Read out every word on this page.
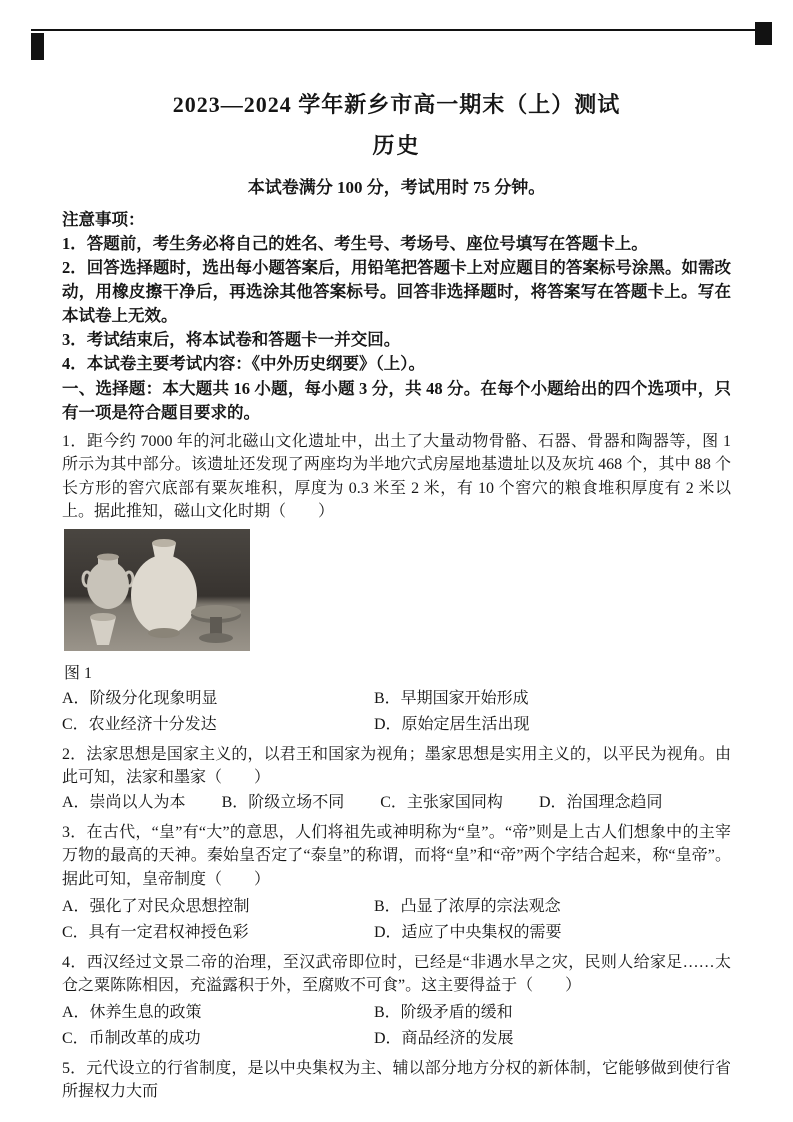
2023—2024 学年新乡市高一期末（上）测试
历史

本试卷满分 100 分，考试用时 75 分钟。

注意事项：

1．答题前，考生务必将自己的姓名、考生号、考场号、座位号填写在答题卡上。

2．回答选择题时，选出每小题答案后，用铅笔把答题卡上对应题目的答案标号涂黑。如需改动，用橡皮擦干净后，再选涂其他答案标号。回答非选择题时，将答案写在答题卡上。写在本试卷上无效。

3．考试结束后，将本试卷和答题卡一并交回。

4．本试卷主要考试内容：《中外历史纲要》（上）。

一、选择题：本大题共 16 小题，每小题 3 分，共 48 分。在每个小题给出的四个选项中，只有一项是符合题目要求的。

1．距今约 7000 年的河北磁山文化遗址中，出土了大量动物骨骼、石器、骨器和陶器等，图 1 所示为其中部分。该遗址还发现了两座均为半地穴式房屋地基遗址以及灰坑 468 个，其中 88 个长方形的窖穴底部有粟灰堆积，厚度为 0.3 米至 2 米，有 10 个窖穴的粮食堆积厚度有 2 米以上。据此推知，磁山文化时期（　　）

图 1

A．阶级分化现象明显	B．早期国家开始形成
C．农业经济十分发达	D．原始定居生活出现

2．法家思想是国家主义的，以君王和国家为视角；墨家思想是实用主义的，以平民为视角。由此可知，法家和墨家（　　）

A．崇尚以人为本 B．阶级立场不同 C．主张家国同构 D．治国理念趋同

3．在古代，“皇”有“大”的意思，人们将祖先或神明称为“皇”。“帝”则是上古人们想象中的主宰万物的最高的天神。秦始皇否定了“泰皇”的称谓，而将“皇”和“帝”两个字结合起来，称“皇帝”。据此可知，皇帝制度（　　）

A．强化了对民众思想控制	B．凸显了浓厚的宗法观念
C．具有一定君权神授色彩	D．适应了中央集权的需要

4．西汉经过文景二帝的治理，至汉武帝即位时，已经是“非遇水旱之灾，民则人给家足……太仓之粟陈陈相因，充溢露积于外，至腐败不可食”。这主要得益于（　　）

A．休养生息的政策	B．阶级矛盾的缓和
C．币制改革的成功	D．商品经济的发展

5．元代设立的行省制度，是以中央集权为主、辅以部分地方分权的新体制，它能够做到使行省所握权力大而
